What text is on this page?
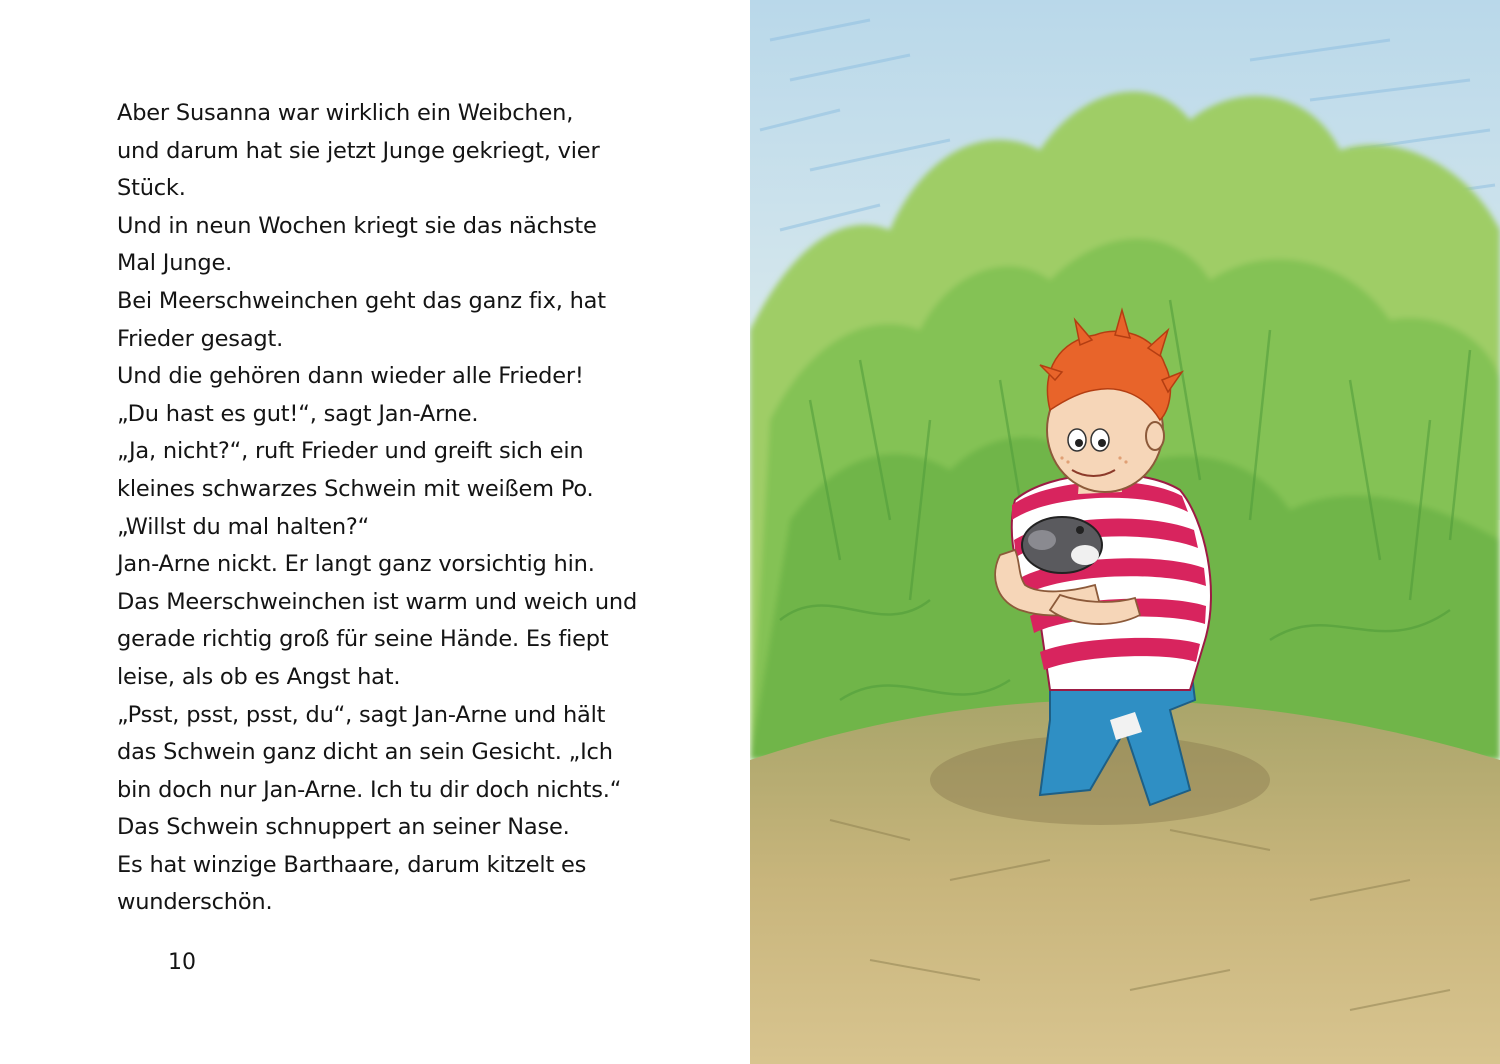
Aber Susanna war wirklich ein Weibchen,
und darum hat sie jetzt Junge gekriegt, vier
Stück.
Und in neun Wochen kriegt sie das nächste
Mal Junge.
Bei Meerschweinchen geht das ganz fix, hat
Frieder gesagt.
Und die gehören dann wieder alle Frieder!
„Du hast es gut!“, sagt Jan-Arne.
„Ja, nicht?“, ruft Frieder und greift sich ein
kleines schwarzes Schwein mit weißem Po.
„Willst du mal halten?“
Jan-Arne nickt. Er langt ganz vorsichtig hin.
Das Meerschweinchen ist warm und weich und
gerade richtig groß für seine Hände. Es fiept
leise, als ob es Angst hat.
„Psst, psst, psst, du“, sagt Jan-Arne und hält
das Schwein ganz dicht an sein Gesicht. „Ich
bin doch nur Jan-Arne. Ich tu dir doch nichts.“
Das Schwein schnuppert an seiner Nase.
Es hat winzige Barthaare, darum kitzelt es
wunderschön.
10
